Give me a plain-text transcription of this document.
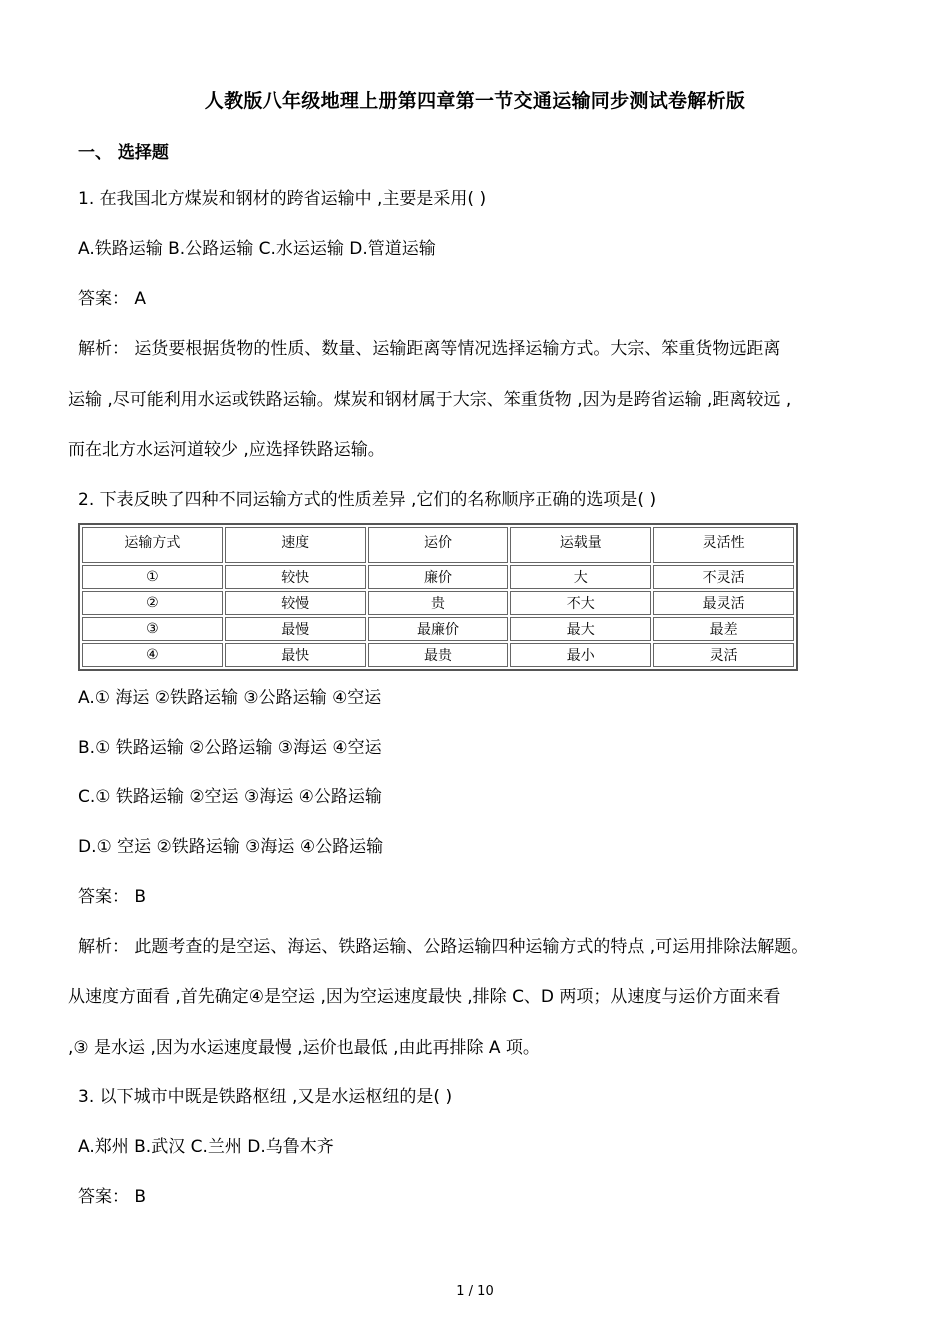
人教版八年级地理上册第四章第一节交通运输同步测试卷解析版
一、 选择题
1. 在我国北方煤炭和钢材的跨省运输中 ,主要是采用( )
A.铁路运输 B.公路运输 C.水运运输 D.管道运输
答案： A
解析： 运货要根据货物的性质、数量、运输距离等情况选择运输方式。大宗、笨重货物远距离
运输 ,尽可能利用水运或铁路运输。煤炭和钢材属于大宗、笨重货物 ,因为是跨省运输 ,距离较远 ,
而在北方水运河道较少 ,应选择铁路运输。
2. 下表反映了四种不同运输方式的性质差异 ,它们的名称顺序正确的选项是( )
运输方式	速度	运价	运载量	灵活性
①	较快	廉价	大	不灵活
②	较慢	贵	不大	最灵活
③	最慢	最廉价	最大	最差
④	最快	最贵	最小	灵活
A.① 海运 ②铁路运输 ③公路运输 ④空运
B.① 铁路运输 ②公路运输 ③海运 ④空运
C.① 铁路运输 ②空运 ③海运 ④公路运输
D.① 空运 ②铁路运输 ③海运 ④公路运输
答案： B
解析： 此题考查的是空运、海运、铁路运输、公路运输四种运输方式的特点 ,可运用排除法解题。
从速度方面看 ,首先确定④是空运 ,因为空运速度最快 ,排除 C、D 两项；从速度与运价方面来看
,③ 是水运 ,因为水运速度最慢 ,运价也最低 ,由此再排除 A 项。
3. 以下城市中既是铁路枢纽 ,又是水运枢纽的是( )
A.郑州 B.武汉 C.兰州 D.乌鲁木齐
答案： B
1 / 10
